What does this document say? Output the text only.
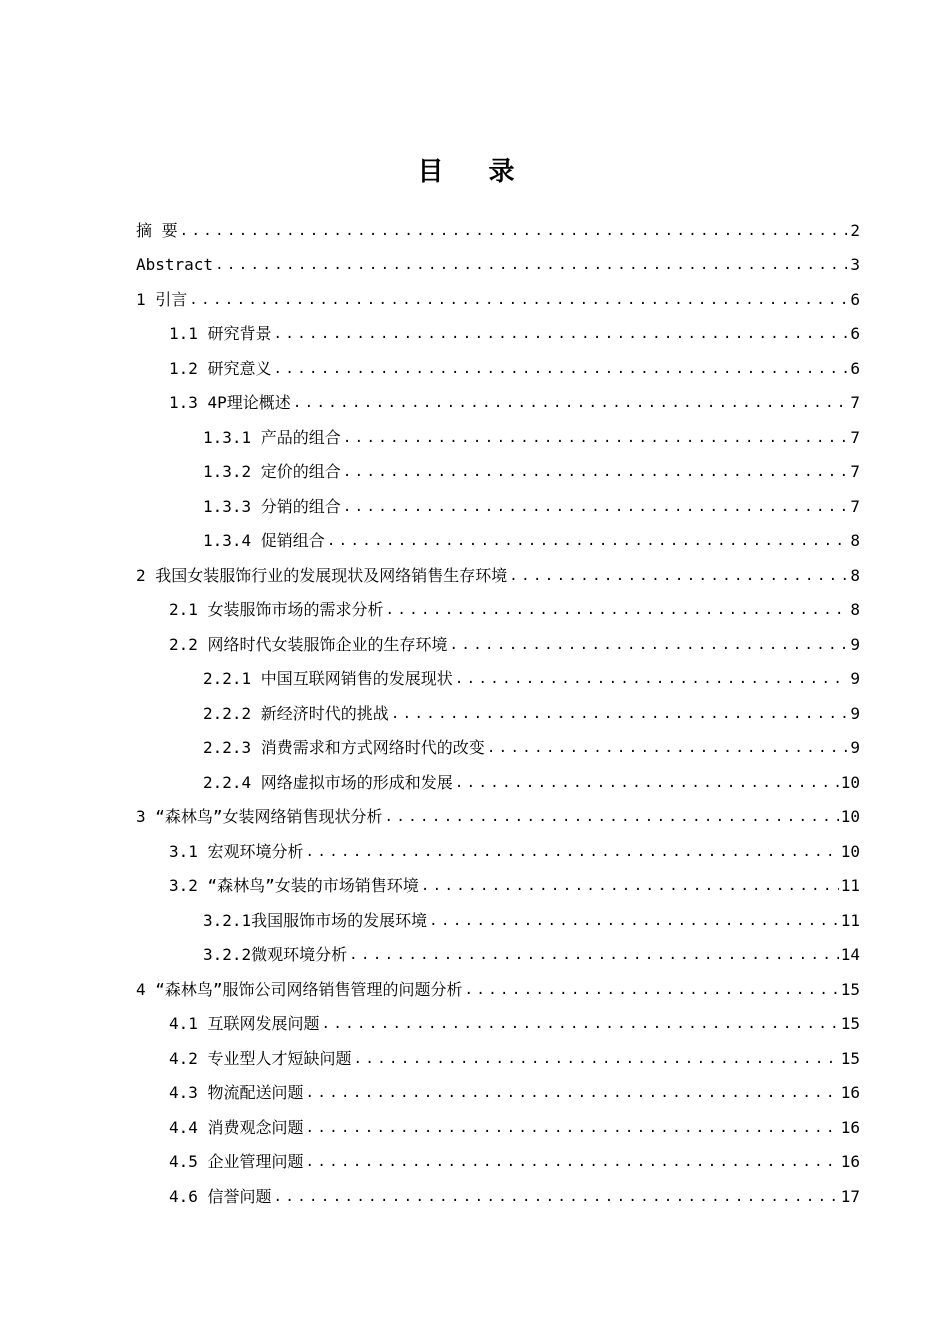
目 录
摘 要 .....	2
Abstract .....	3
1 引言 .....	6
1.1 研究背景 .....	6
1.2 研究意义 .....	6
1.3 4P理论概述 .....	7
1.3.1 产品的组合 .....	7
1.3.2 定价的组合 .....	7
1.3.3 分销的组合 .....	7
1.3.4 促销组合 .....	8
2 我国女装服饰行业的发展现状及网络销售生存环境 .....	8
2.1 女装服饰市场的需求分析 .....	8
2.2 网络时代女装服饰企业的生存环境 .....	9
2.2.1 中国互联网销售的发展现状 .....	9
2.2.2 新经济时代的挑战 .....	9
2.2.3 消费需求和方式网络时代的改变 .....	9
2.2.4 网络虚拟市场的形成和发展 .....	10
3 “森林鸟”女装网络销售现状分析 .....	10
3.1 宏观环境分析 .....	10
3.2 “森林鸟”女装的市场销售环境 .....	11
3.2.1我国服饰市场的发展环境 .....	11
3.2.2微观环境分析 .....	14
4 “森林鸟”服饰公司网络销售管理的问题分析 .....	15
4.1 互联网发展问题 .....	15
4.2 专业型人才短缺问题 .....	15
4.3 物流配送问题 .....	16
4.4 消费观念问题 .....	16
4.5 企业管理问题 .....	16
4.6 信誉问题 .....	17
